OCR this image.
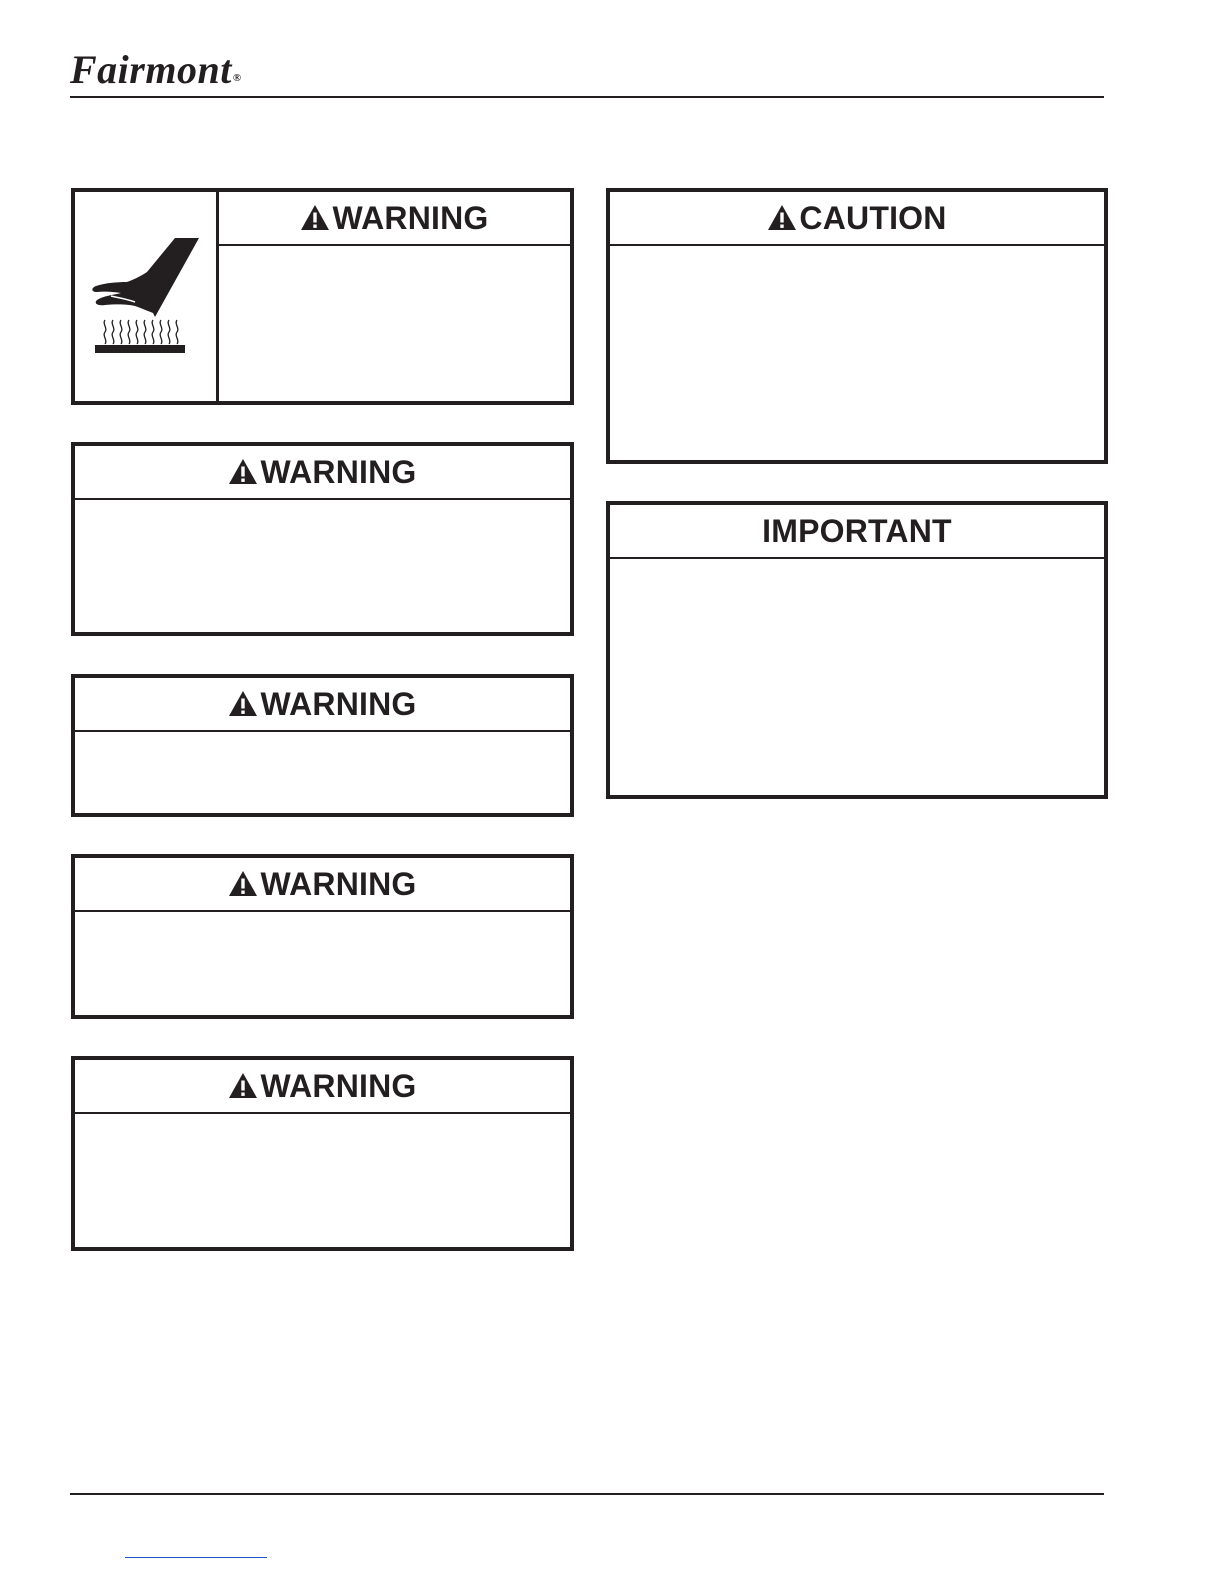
Fairmont®
WARNING
WARNING
WARNING
WARNING
WARNING
CAUTION
IMPORTANT
